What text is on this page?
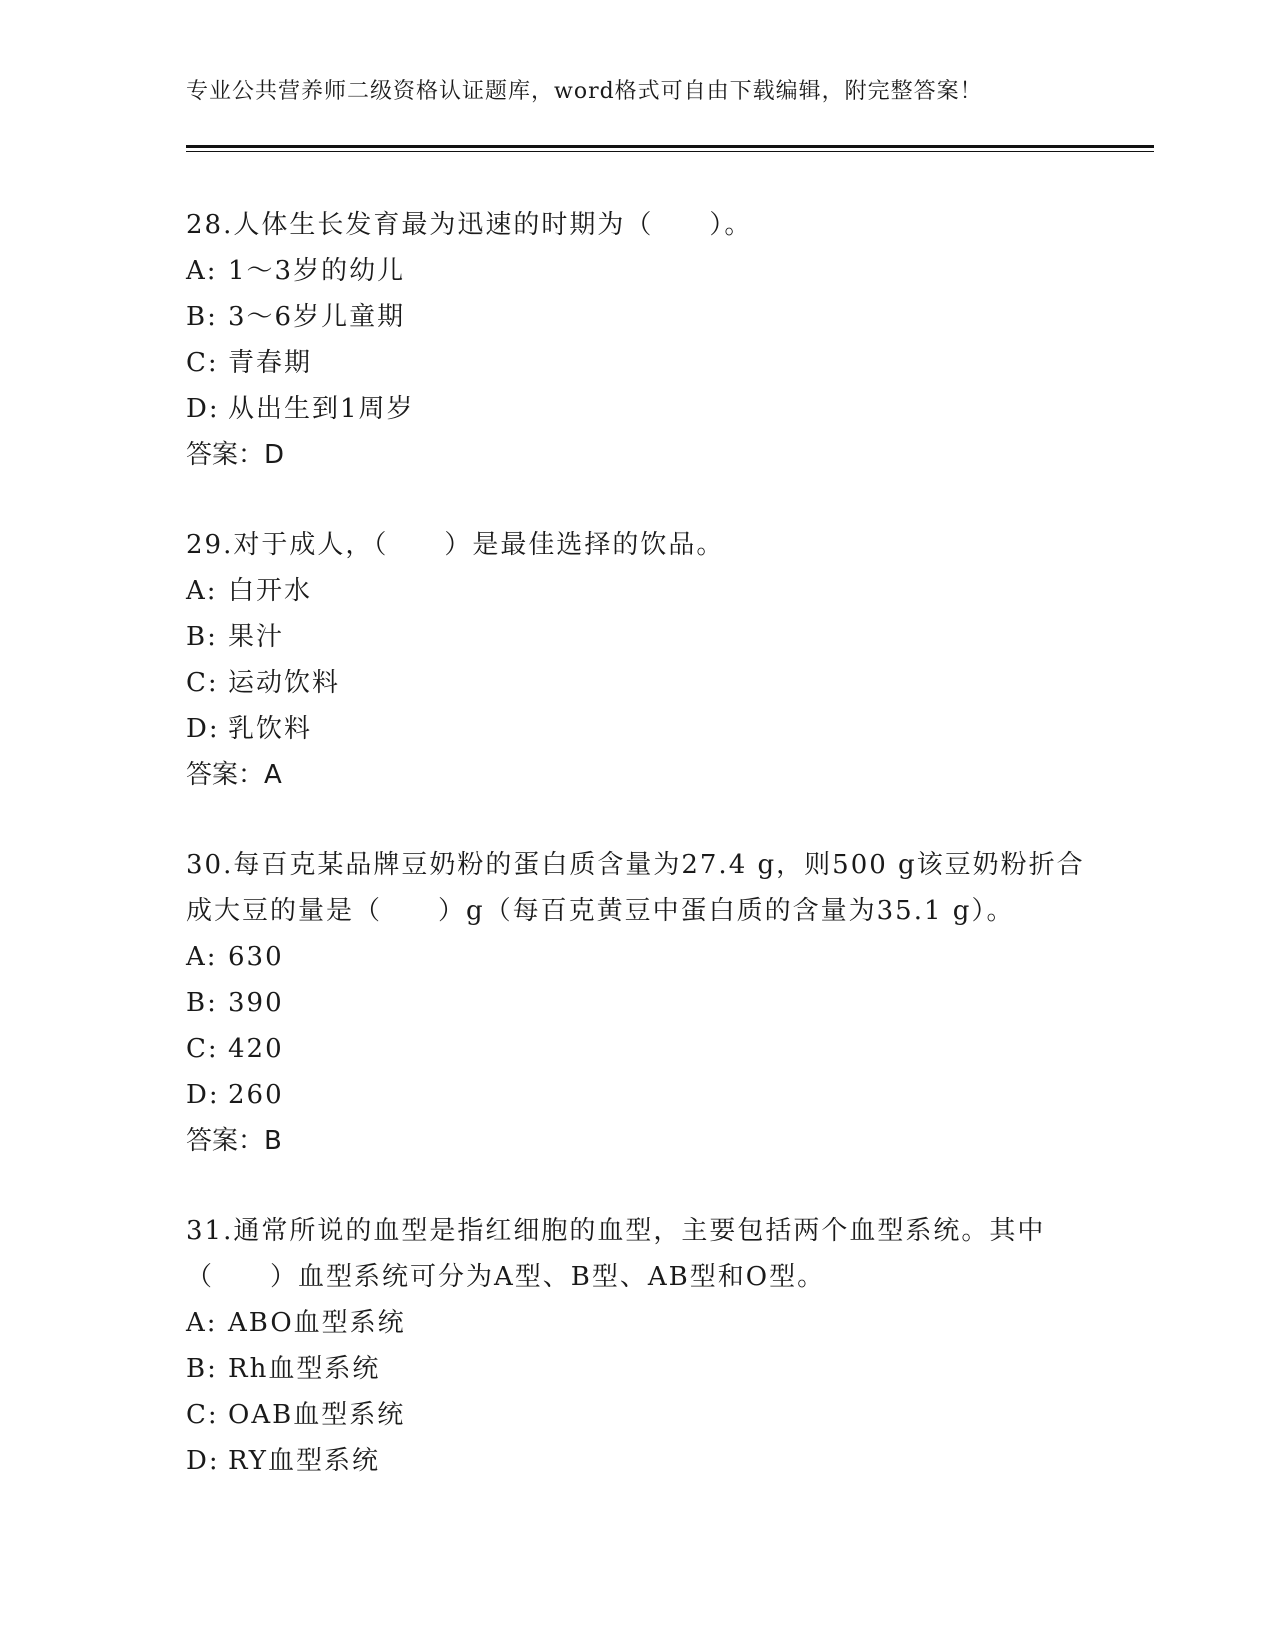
专业公共营养师二级资格认证题库，word格式可自由下载编辑，附完整答案！
28.人体生长发育最为迅速的时期为（　　）。
A: 1～3岁的幼儿
B: 3～6岁儿童期
C: 青春期
D: 从出生到1周岁
答案：D
29.对于成人，（　　）是最佳选择的饮品。
A: 白开水
B: 果汁
C: 运动饮料
D: 乳饮料
答案：A
30.每百克某品牌豆奶粉的蛋白质含量为27.4 g，则500 g该豆奶粉折合成大豆的量是（　　）g（每百克黄豆中蛋白质的含量为35.1 g）。
A: 630
B: 390
C: 420
D: 260
答案：B
31.通常所说的血型是指红细胞的血型，主要包括两个血型系统。其中（　　）血型系统可分为A型、B型、AB型和O型。
A: ABO血型系统
B: Rh血型系统
C: OAB血型系统
D: RY血型系统
